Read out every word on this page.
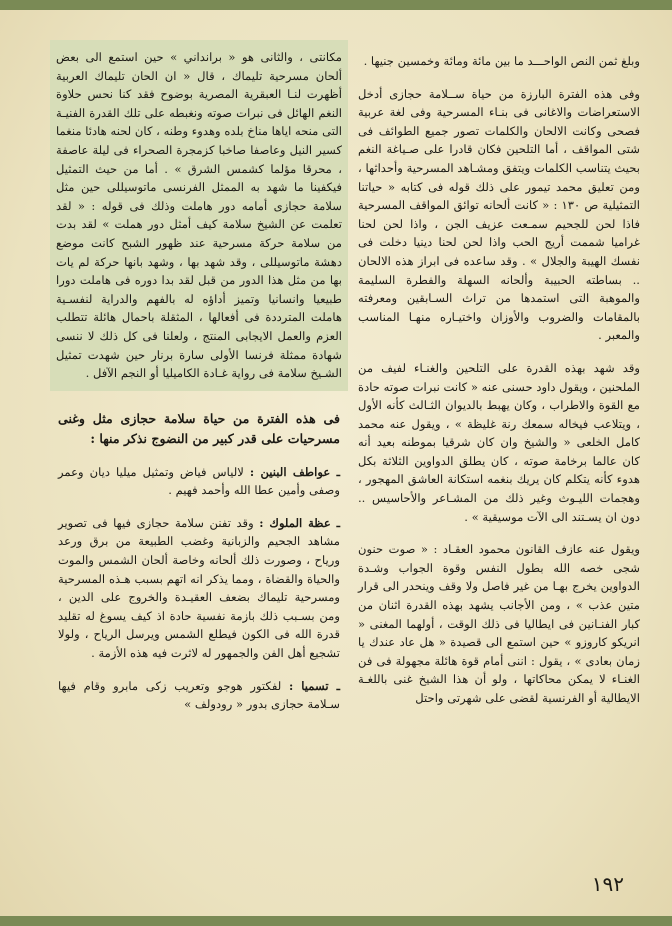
وبلغ ثمن النص الواحـــد ما بين مائة ومائة وخمسين جنيها .

وفى هذه الفترة البارزة من حياة ســلامة حجازى أدخل الاستعراضات والاغانى فى بنـاء المسرحية وفى لغة عربية فصحى وكانت الالحان والكلمات تصور جميع الطوائف فى شتى المواقف ، أما التلحين فكان قادرا على صـياغة النغم بحيث يتناسب الكلمات ويتفق ومشـاهد المسرحية وأحداثها ، ومن تعليق محمد تيمور على ذلك قوله فى كتابه « حياتنا التمثيلية ص ١٣٠ : « كانت ألحانه توائق المواقف المسرحية فاذا لحن للجحيم سمـعت عزيف الجن ، واذا لحن لحنا غراميا شممت أريج الحب واذا لحن لحنا دينيا دخلت فى نفسك الهيبة والجلال » . وقد ساعده فى ابراز هذه الالحان .. بساطته الحبيبة وألحانه السهلة والفطرة السليمة والموهبة التى استمدها من تراث السـابقين ومعرفته بالمقامات والضروب والأوزان واختيـاره منهـا المناسب والمعبر .

وقد شهد بهذه القدرة على التلحين والغنـاء لفيف من الملحنين ، ويقول داود حسنى عنه « كانت نبرات صوته حادة مع القوة والاطراب ، وكان يهبط بالديوان الثـالث كأنه الأول ، ويتلاعب فيخاله سمعك رنة غليظة » ، ويقول عنه محمد كامل الخلعى « والشيخ وان كان شرقيا بموطنه بعيد أنه كان عالما برخامة صوته ، كان يطلق الدواوين الثلاثة بكل هدوء كأنه يتكلم كان يريك بنغمه استكانة العاشق المهجور ، وهجمات الليـوث وغير ذلك من المشـاعر والأحاسيس .. دون ان يسـتند الى الآت موسيقية » .

ويقول عنه عازف القانون محمود العقـاد : « صوت حنون شجى خصه الله بطول النفس وقوة الجواب وشـدة الدواوين يخرج بهـا من غير فاصل ولا وقف وينحدر الى قرار متين عذب » ، ومن الأجانب يشهد بهذه القدرة اثنان من كبار الفنـانين فى ايطاليا فى ذلك الوقت ، أولهما المغنى « انريكو كاروزو » حين استمع الى قصيدة « هل عاد عندك يا زمان بعادى » ، يقول : اننى أمام قوة هائلة مجهولة فى فن الغنـاء لا يمكن محاكاتها ، ولو أن هذا الشيخ غنى باللغـة الايطالية أو الفرنسية لقضى على شهرتى واحتل

مكانتى ، والثانى هو « برانداني » حين استمع الى بعض ألحان مسرحية تليماك ، قال « ان الحان تليماك العربية أظهرت لنـا العبقرية المصرية بوضوح فقد كنا نحس حلاوة النغم الهائل فى نبرات صوته ونغبطه على تلك القدرة الفنيـة التى منحه اياها مناخ بلده وهدوء وطنه ، كان لحنه هادئا منغما كسير النيل وعاصفا صاخبا كزمجرة الصحراء فى ليلة عاصفة ، محرقا مؤلما كشمس الشرق » . أما من حيث التمثيل فيكفينا ما شهد به الممثل الفرنسى ماتوسيللى حين مثل سلامة حجازى أمامه دور هاملت وذلك فى قوله : « لقد تعلمت عن الشيخ سلامة كيف أمثل دور هملت » لقد بدت من سلامة حركة مسرحية عند ظهور الشبح كانت موضع دهشة ماتوسيللى ، وقد شهد بها ، وشهد بانها حركة لم يات بها من مثل هذا الدور من قبل لقد بدا دوره فى هاملت دورا طبيعيا وانسانيا وتميز أداؤه له بالفهم والدراية لنفسـية هاملت المترددة فى أفعالها ، المثقلة باحمال هائلة تتطلب العزم والعمل الايجابى المنتج ، ولعلنا فى كل ذلك لا ننسى شهادة ممثلة فرنسا الأولى سارة برنار حين شهدت تمثيل الشـيخ سلامة فى رواية غـادة الكاميليا أو النجم الآفل .

فى هذه الفترة من حياة سلامة حجازى مثل وغنى مسرحيات على قدر كبير من النضوج نذكر منها :

ـ عواطف البنين : لالياس فياض وتمثيل ميليا ديان وعمر وصفى وأمين عطا الله وأحمد فهيم .

ـ عظة الملوك : وقد تفنن سلامة حجازى فيها فى تصوير مشاهد الجحيم والزبانية وغضب الطبيعة من برق ورعد ورياح ، وصورت ذلك ألحانه وخاصة ألحان الشمس والموت والحياة والقضاة ، ومما يذكر انه اتهم بسبب هـذه المسرحية ومسرحية تليماك بضعف العقيـدة والخروج على الدين ، ومن بسـبب ذلك بازمة نفسية حادة اذ كيف يسوغ له تقليد قدرة الله فى الكون فيطلع الشمس ويرسل الرياح ، ولولا تشجيع أهل الفن والجمهور له لاثرت فيه هذه الأزمة .

ـ تسميا : لفكتور هوجو وتعريب زكى مابرو وقام فيها سـلامة حجازى بدور « رودولف »

١٩٢
